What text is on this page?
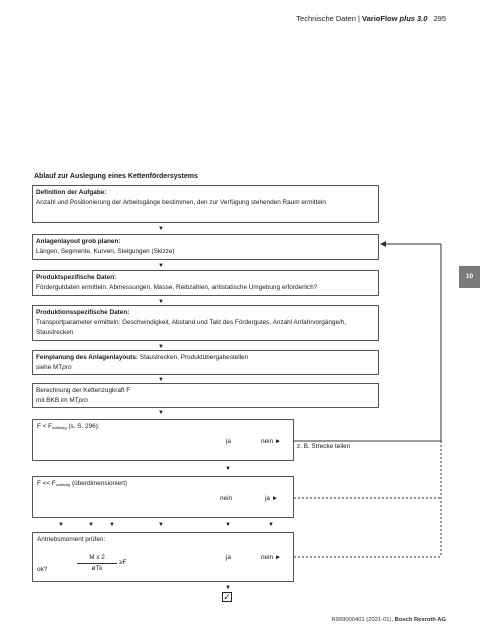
Technische Daten | VarioFlow plus 3.0 295
10
Ablauf zur Auslegung eines Kettenfördersystems
Definition der Aufgabe:
Anzahl und Positionierung der Arbeitsgänge bestimmen, den zur Verfügung stehenden Raum ermitteln
▼
Anlagenlayout grob planen:
Längen, Segmente, Kurven, Steigungen (Skizze)
▼
Produktspezifische Daten:
Fördergutdaten ermitteln: Abmessungen, Masse, Reibzahlen, antistatische Umgebung erforderlich?
▼
Produktionsspezifische Daten:
Transportparameter ermitteln: Geschwindigkeit, Abstand und Takt des Fördergutes, Anzahl Anfahrvorgänge/h, Staustrecken
▼
Feinplanung des Anlagenlayouts: Staustrecken, Produktübergabestellen
siehe MTpro
▼
Berechnung der Kettenzugkraft F
mit BKB im MTpro
▼
$F < F_{zulässig}$ (s. S. 296):
ja	nein ►
z. B. Strecke teilen
▼
$F << F_{zulässig}$ (überdimensioniert)
nein	ja ►
▼	▼	▼	▼	▼	▼
Antriebsmoment prüfen:
M x 2
øTk
≥F
ok?
ja	nein ►
▼
✓
R999000401 (2021-01), Bosch Rexroth AG
